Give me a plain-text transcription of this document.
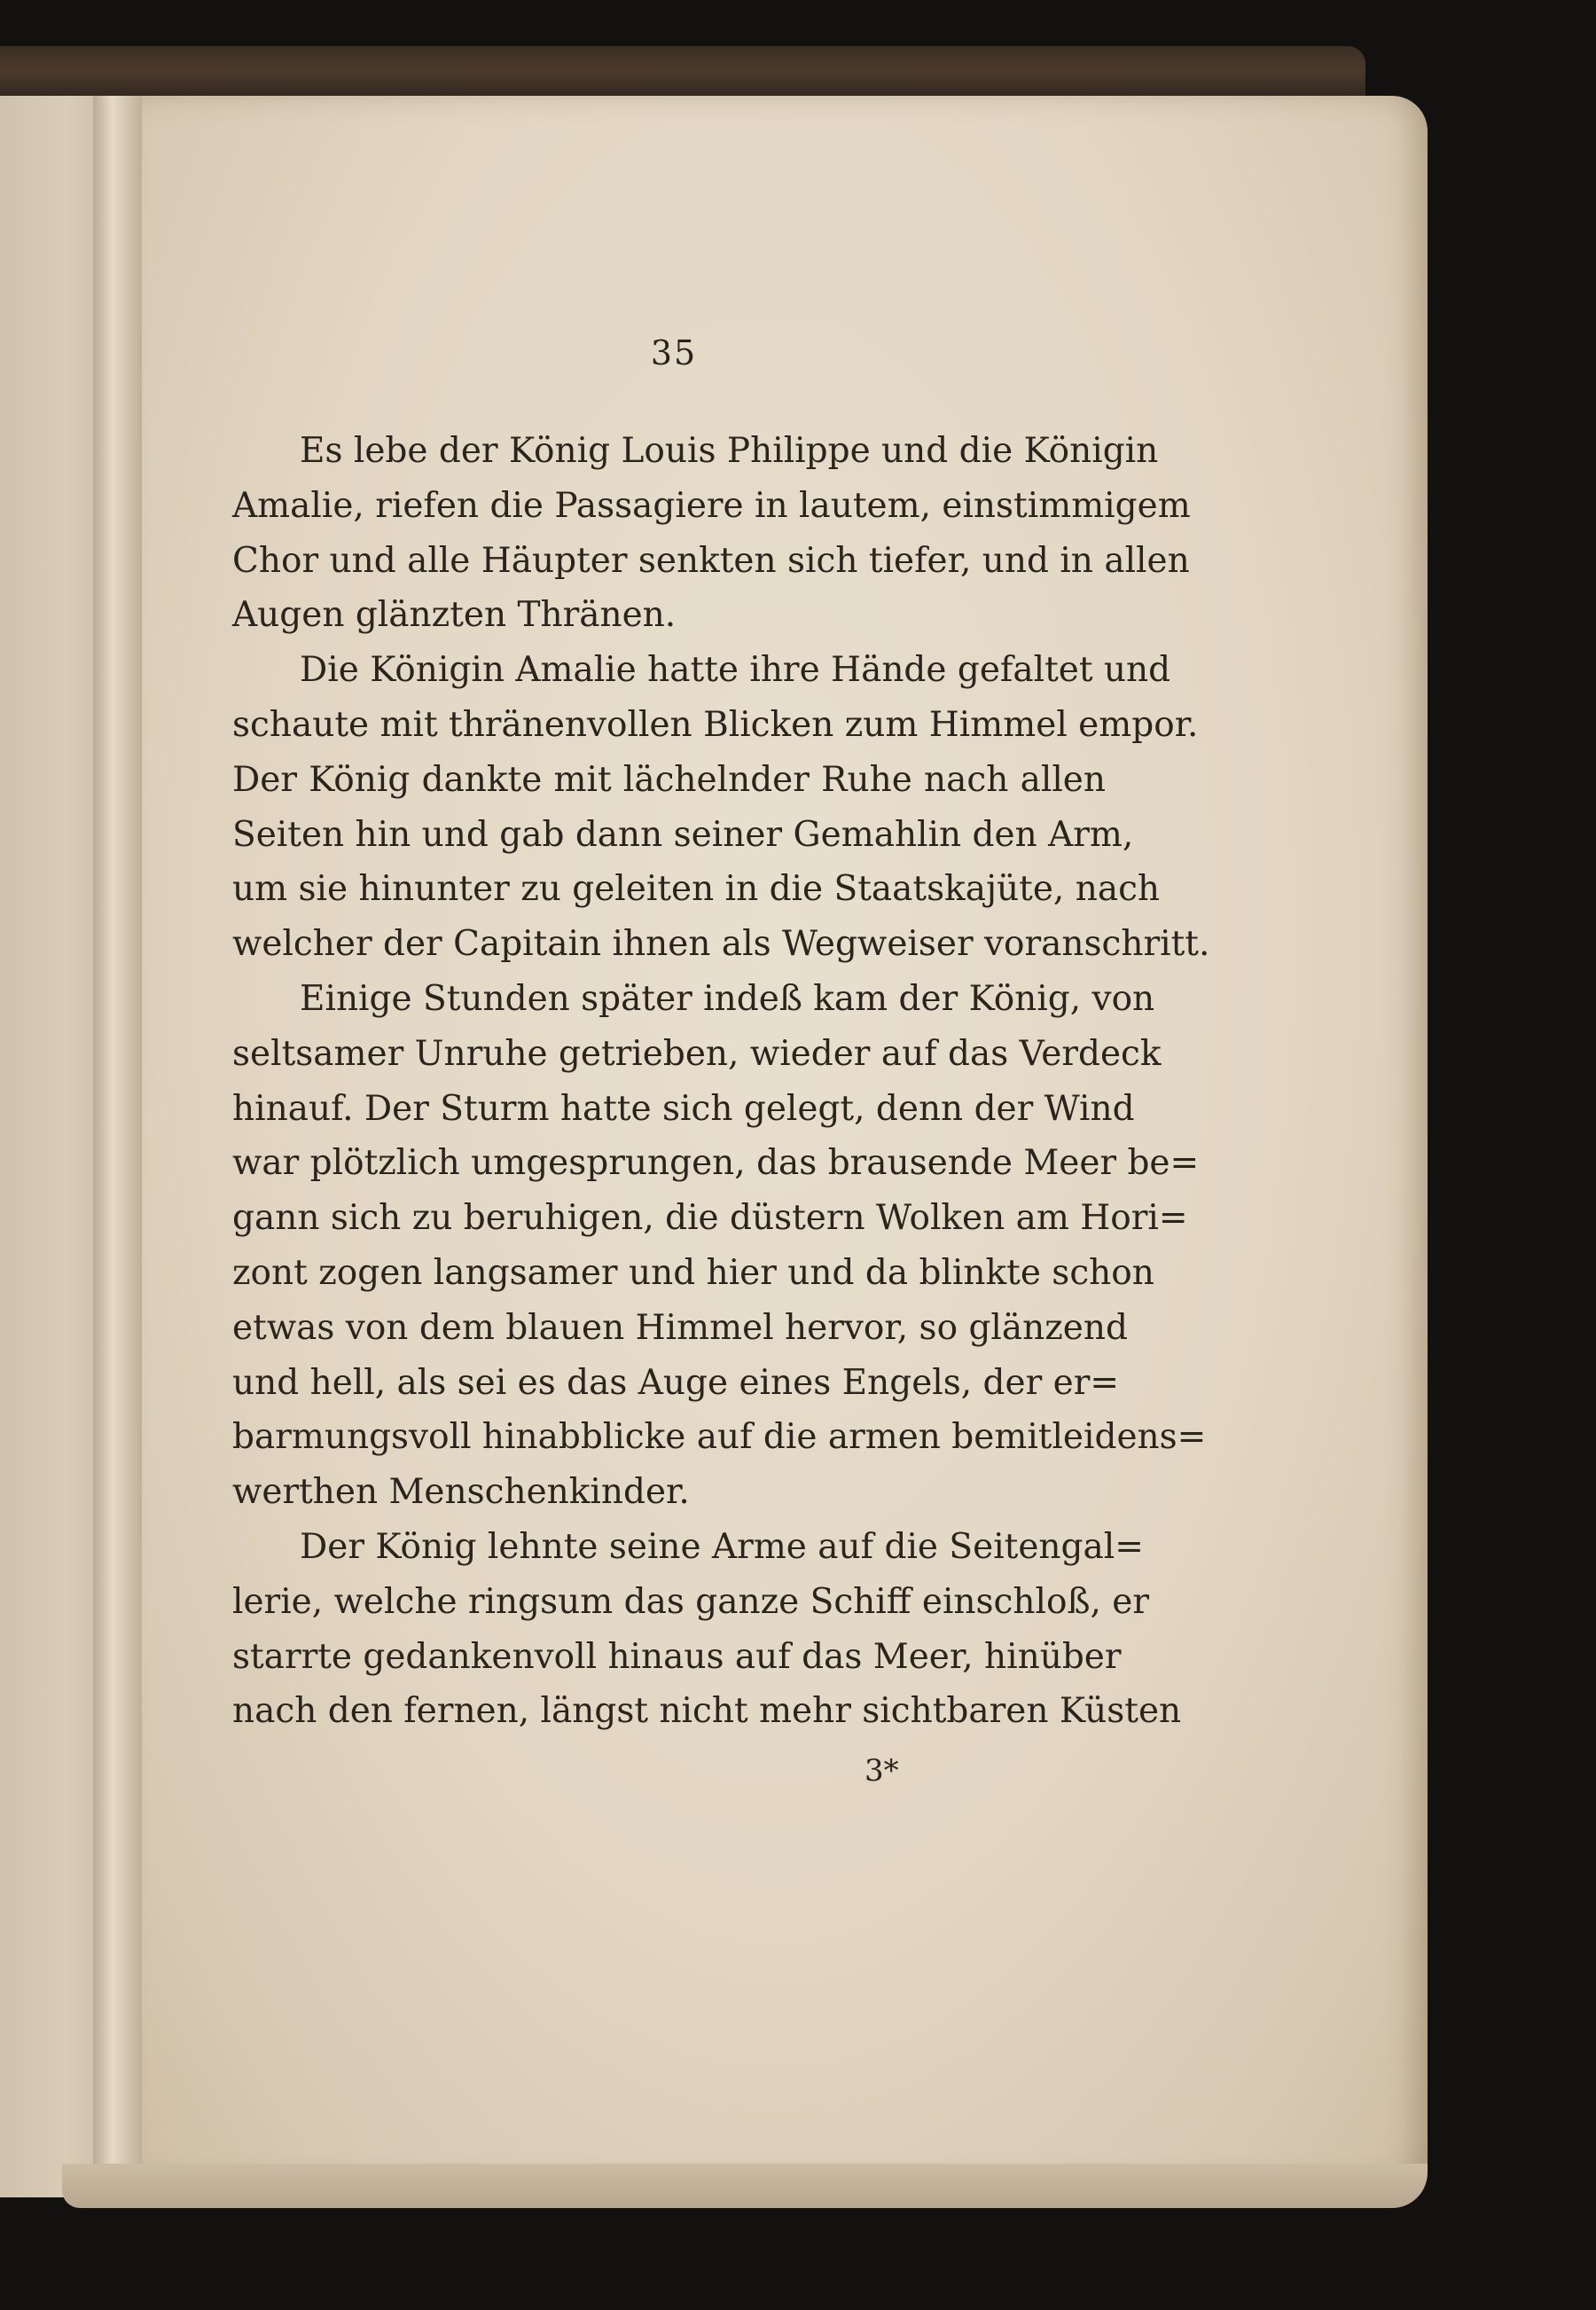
35
Es lebe der König Louis Philippe und die Königin
Amalie, riefen die Passagiere in lautem, einstimmigem
Chor und alle Häupter senkten sich tiefer, und in allen
Augen glänzten Thränen.
Die Königin Amalie hatte ihre Hände gefaltet und
schaute mit thränenvollen Blicken zum Himmel empor.
Der König dankte mit lächelnder Ruhe nach allen
Seiten hin und gab dann seiner Gemahlin den Arm,
um sie hinunter zu geleiten in die Staatskajüte, nach
welcher der Capitain ihnen als Wegweiser voranschritt.
Einige Stunden später indeß kam der König, von
seltsamer Unruhe getrieben, wieder auf das Verdeck
hinauf. Der Sturm hatte sich gelegt, denn der Wind
war plötzlich umgesprungen, das brausende Meer be=
gann sich zu beruhigen, die düstern Wolken am Hori=
zont zogen langsamer und hier und da blinkte schon
etwas von dem blauen Himmel hervor, so glänzend
und hell, als sei es das Auge eines Engels, der er=
barmungsvoll hinabblicke auf die armen bemitleidens=
werthen Menschenkinder.
Der König lehnte seine Arme auf die Seitengal=
lerie, welche ringsum das ganze Schiff einschloß, er
starrte gedankenvoll hinaus auf das Meer, hinüber
nach den fernen, längst nicht mehr sichtbaren Küsten
3*
